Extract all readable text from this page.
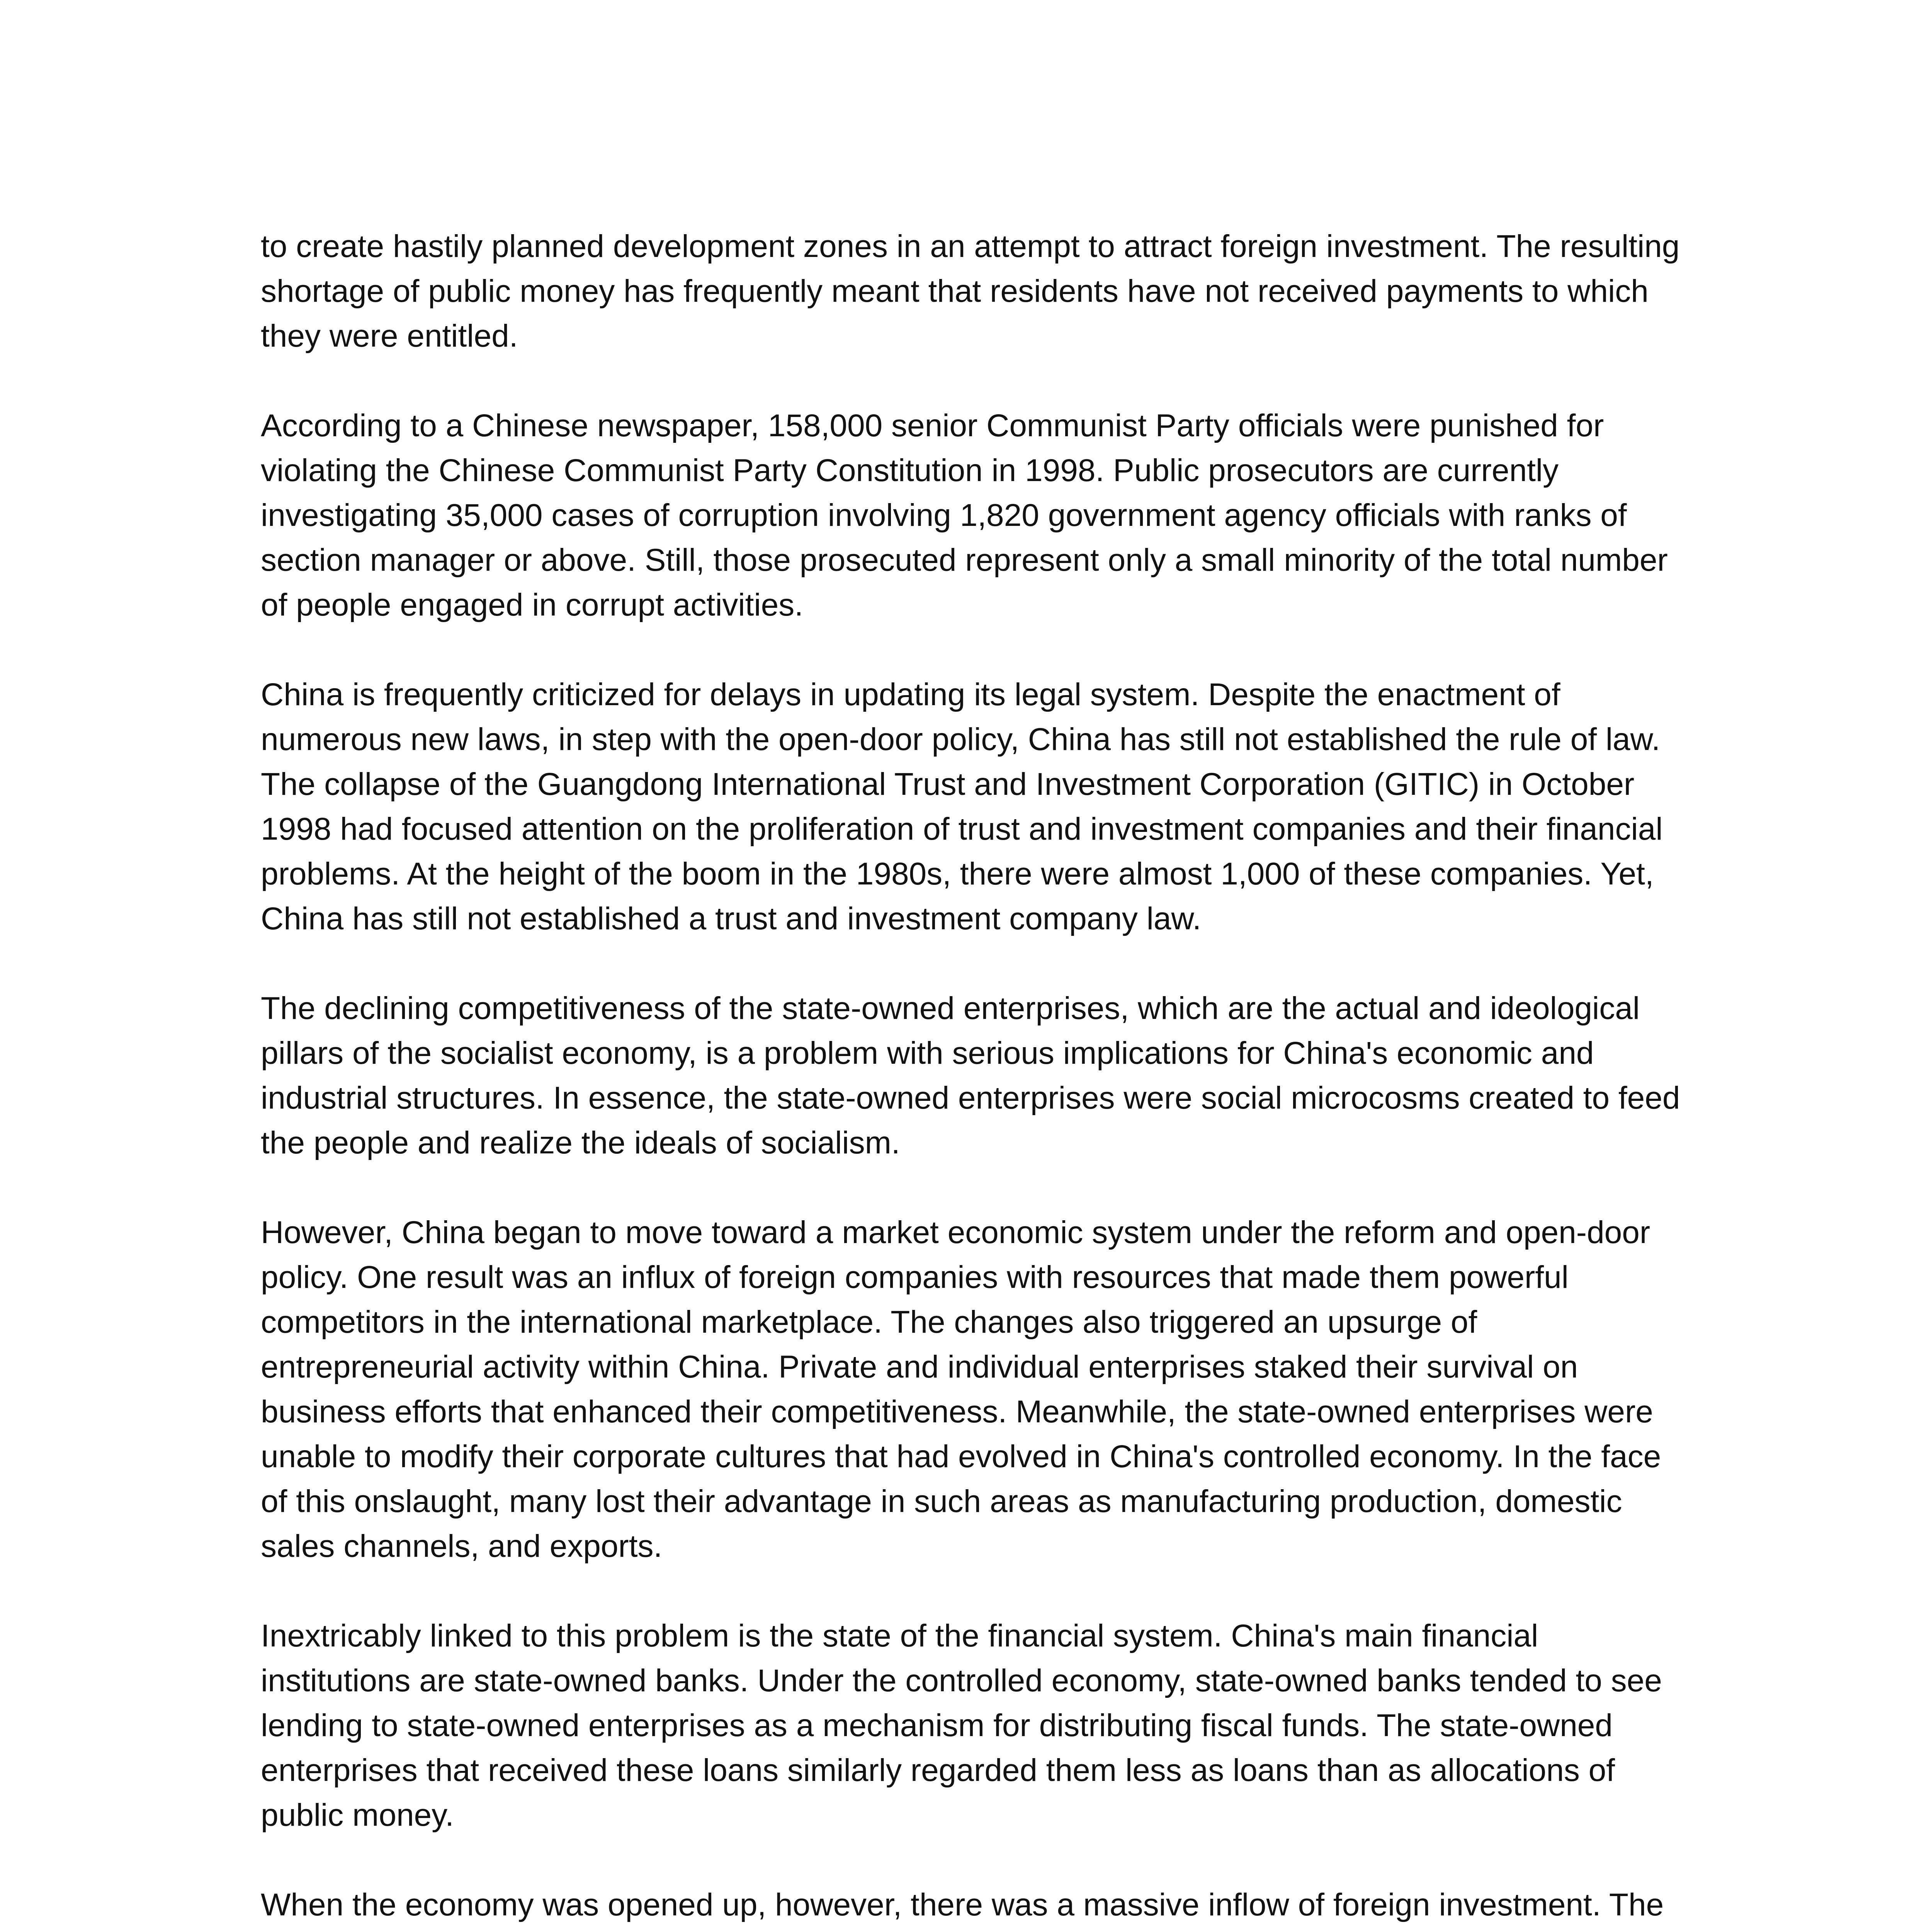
to create hastily planned development zones in an attempt to attract foreign investment. The resulting shortage of public money has frequently meant that residents have not received payments to which they were entitled.

According to a Chinese newspaper, 158,000 senior Communist Party officials were punished for violating the Chinese Communist Party Constitution in 1998. Public prosecutors are currently investigating 35,000 cases of corruption involving 1,820 government agency officials with ranks of section manager or above. Still, those prosecuted represent only a small minority of the total number of people engaged in corrupt activities.

China is frequently criticized for delays in updating its legal system. Despite the enactment of numerous new laws, in step with the open-door policy, China has still not established the rule of law. The collapse of the Guangdong International Trust and Investment Corporation (GITIC) in October 1998 had focused attention on the proliferation of trust and investment companies and their financial problems. At the height of the boom in the 1980s, there were almost 1,000 of these companies. Yet, China has still not established a trust and investment company law.

The declining competitiveness of the state-owned enterprises, which are the actual and ideological pillars of the socialist economy, is a problem with serious implications for China's economic and industrial structures. In essence, the state-owned enterprises were social microcosms created to feed the people and realize the ideals of socialism.

However, China began to move toward a market economic system under the reform and open-door policy. One result was an influx of foreign companies with resources that made them powerful competitors in the international marketplace. The changes also triggered an upsurge of entrepreneurial activity within China. Private and individual enterprises staked their survival on business efforts that enhanced their competitiveness. Meanwhile, the state-owned enterprises were unable to modify their corporate cultures that had evolved in China's controlled economy. In the face of this onslaught, many lost their advantage in such areas as manufacturing production, domestic sales channels, and exports.

Inextricably linked to this problem is the state of the financial system. China's main financial institutions are state-owned banks. Under the controlled economy, state-owned banks tended to see lending to state-owned enterprises as a mechanism for distributing fiscal funds. The state-owned enterprises that received these loans similarly regarded them less as loans than as allocations of public money.

When the economy was opened up, however, there was a massive inflow of foreign investment. The
